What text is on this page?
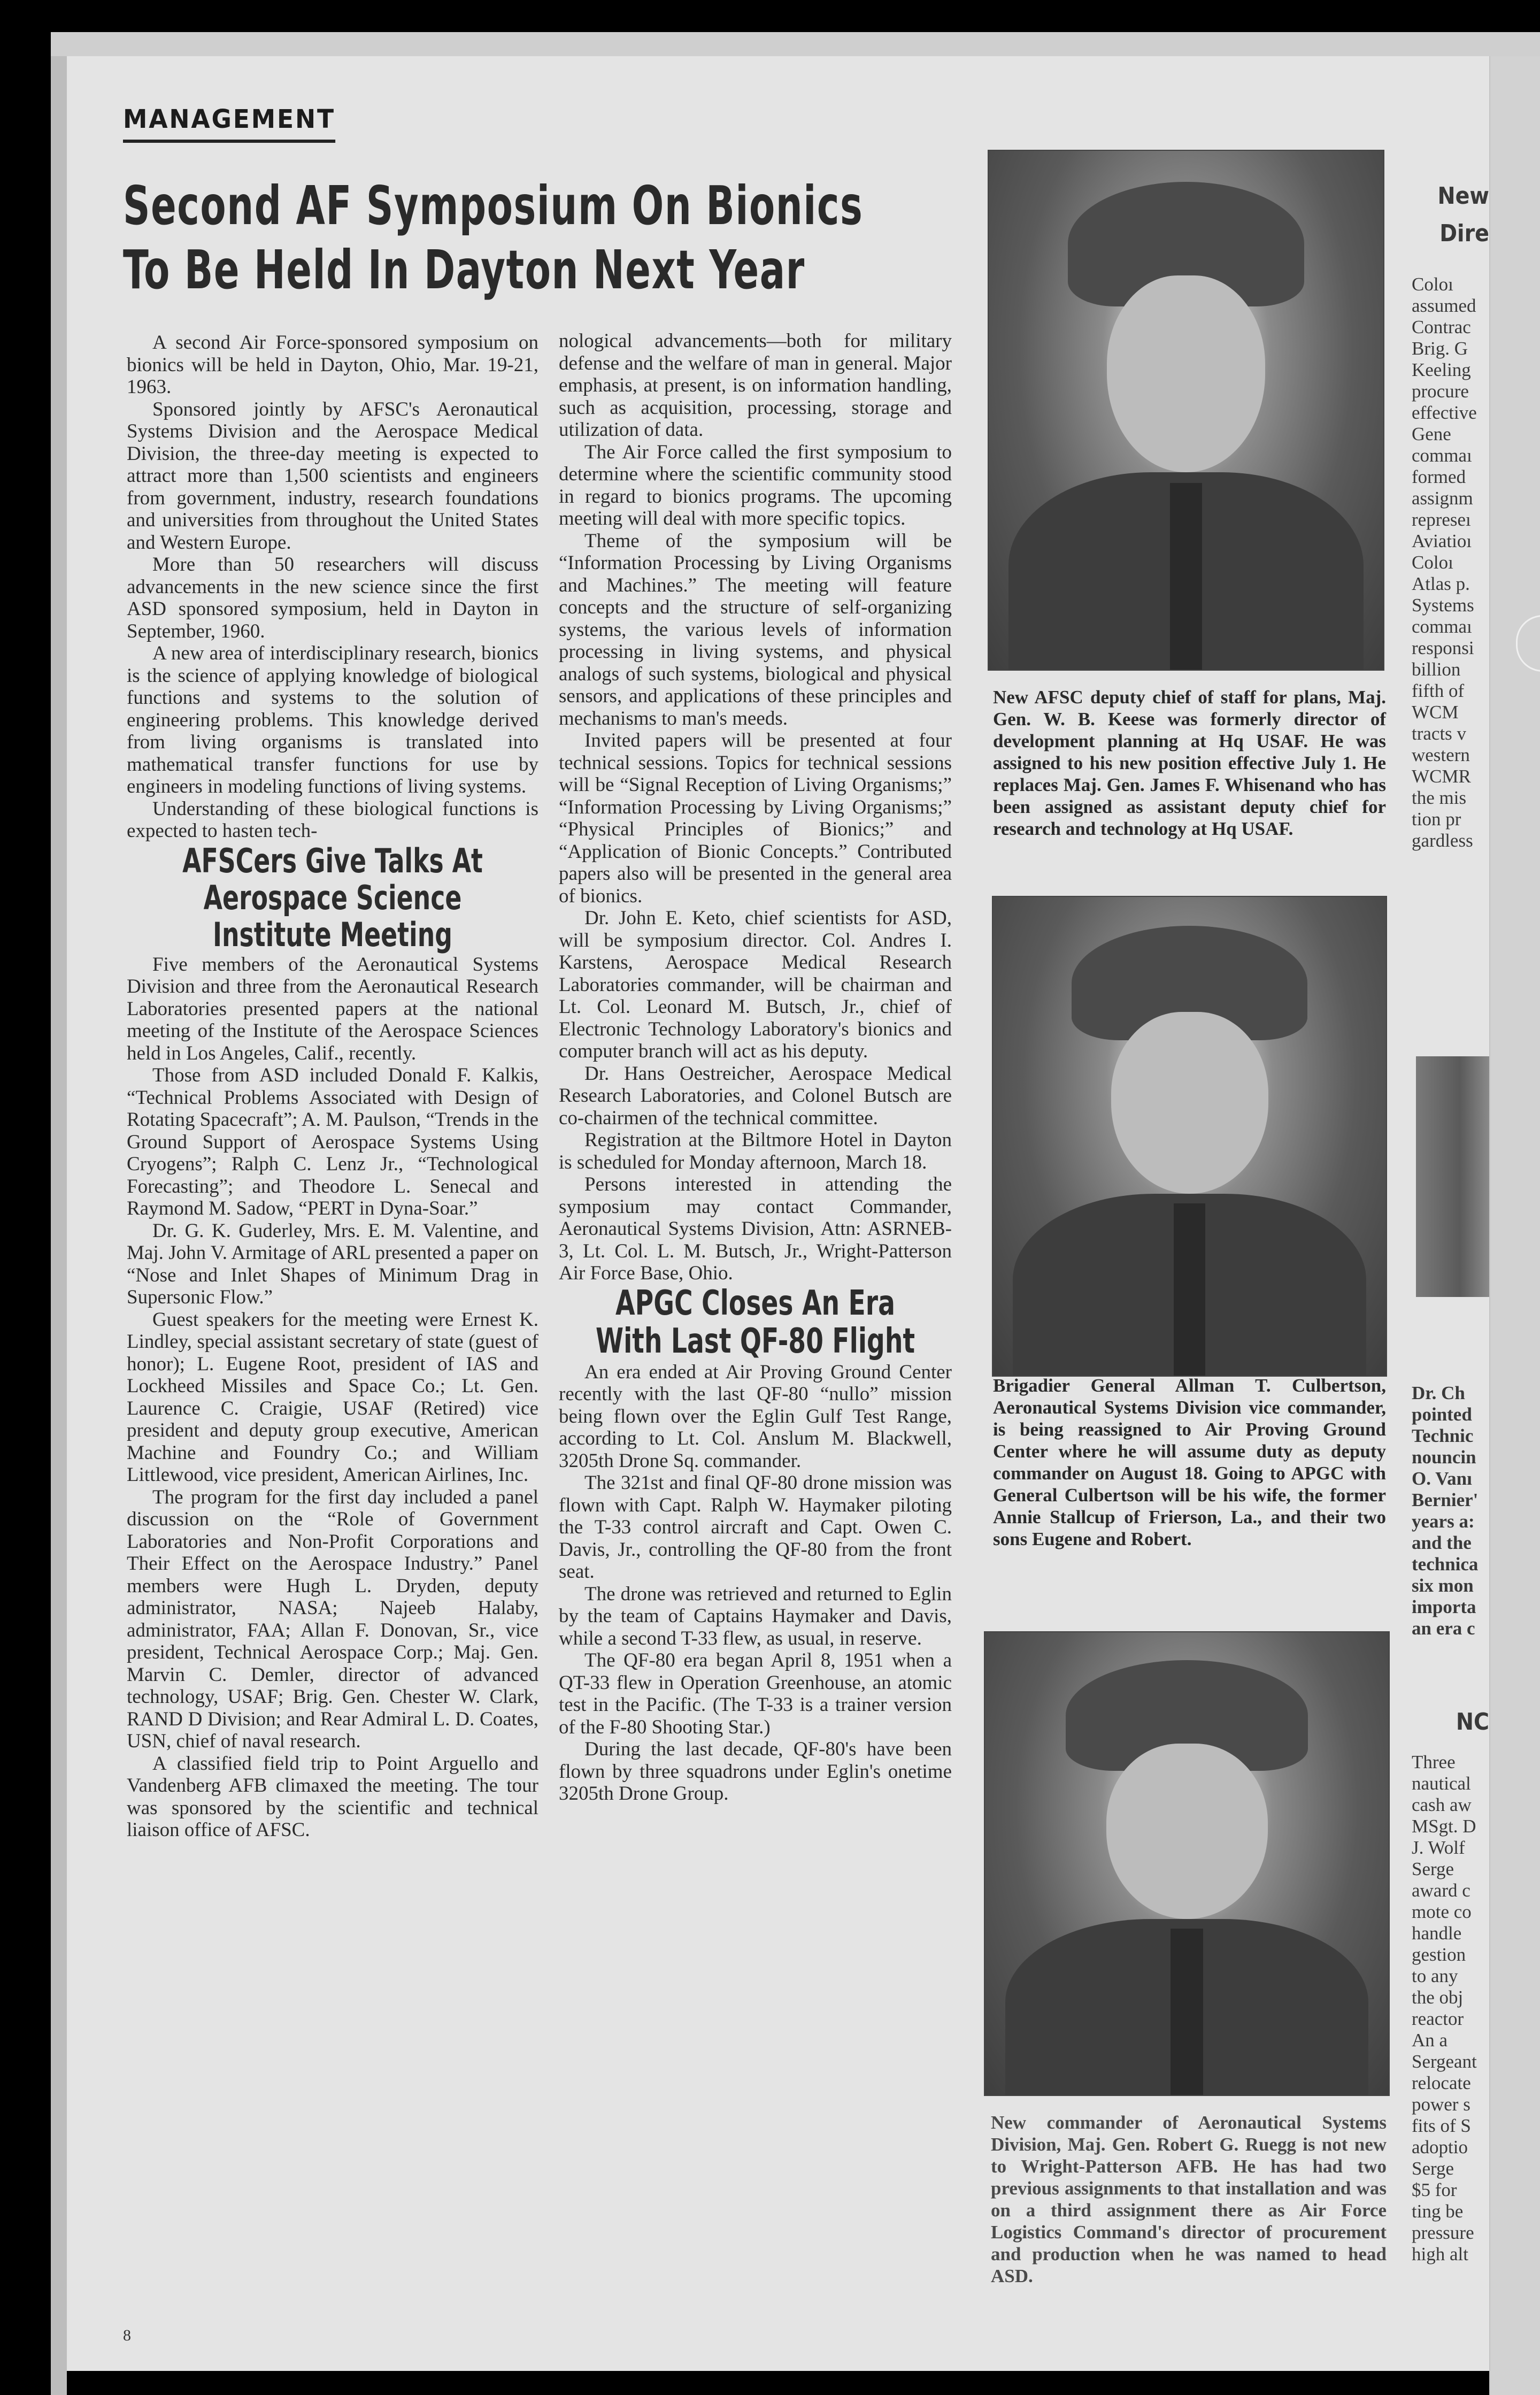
MANAGEMENT
Second AF Symposium On Bionics
To Be Held In Dayton Next Year

A second Air Force-sponsored symposium on bionics will be held in Dayton, Ohio, Mar. 19-21, 1963.

Sponsored jointly by AFSC's Aeronautical Systems Division and the Aerospace Medical Division, the three-day meeting is expected to attract more than 1,500 scientists and engineers from government, industry, research foundations and universities from throughout the United States and Western Europe.

More than 50 researchers will discuss advancements in the new science since the first ASD sponsored symposium, held in Dayton in September, 1960.

A new area of interdisciplinary research, bionics is the science of applying knowledge of biological functions and systems to the solution of engineering problems. This knowledge derived from living organisms is translated into mathematical transfer functions for use by engineers in modeling functions of living systems.

Understanding of these biological functions is expected to hasten tech-

AFSCers Give Talks At Aerospace Science Institute Meeting

Five members of the Aeronautical Systems Division and three from the Aeronautical Research Laboratories presented papers at the national meeting of the Institute of the Aerospace Sciences held in Los Angeles, Calif., recently.

Those from ASD included Donald F. Kalkis, “Technical Problems Associated with Design of Rotating Spacecraft”; A. M. Paulson, “Trends in the Ground Support of Aerospace Systems Using Cryogens”; Ralph C. Lenz Jr., “Technological Forecasting”; and Theodore L. Senecal and Raymond M. Sadow, “PERT in Dyna-Soar.”

Dr. G. K. Guderley, Mrs. E. M. Valentine, and Maj. John V. Armitage of ARL presented a paper on “Nose and Inlet Shapes of Minimum Drag in Supersonic Flow.”

Guest speakers for the meeting were Ernest K. Lindley, special assistant secretary of state (guest of honor); L. Eugene Root, president of IAS and Lockheed Missiles and Space Co.; Lt. Gen. Laurence C. Craigie, USAF (Retired) vice president and deputy group executive, American Machine and Foundry Co.; and William Littlewood, vice president, American Airlines, Inc.

The program for the first day included a panel discussion on the “Role of Government Laboratories and Non-Profit Corporations and Their Effect on the Aerospace Industry.” Panel members were Hugh L. Dryden, deputy administrator, NASA; Najeeb Halaby, administrator, FAA; Allan F. Donovan, Sr., vice president, Technical Aerospace Corp.; Maj. Gen. Marvin C. Demler, director of advanced technology, USAF; Brig. Gen. Chester W. Clark, RAND D Division; and Rear Admiral L. D. Coates, USN, chief of naval research.

A classified field trip to Point Arguello and Vandenberg AFB climaxed the meeting. The tour was sponsored by the scientific and technical liaison office of AFSC.

nological advancements—both for military defense and the welfare of man in general. Major emphasis, at present, is on information handling, such as acquisition, processing, storage and utilization of data.

The Air Force called the first symposium to determine where the scientific community stood in regard to bionics programs. The upcoming meeting will deal with more specific topics.

Theme of the symposium will be “Information Processing by Living Organisms and Machines.” The meeting will feature concepts and the structure of self-organizing systems, the various levels of information processing in living systems, and physical analogs of such systems, biological and physical sensors, and applications of these principles and mechanisms to man's meeds.

Invited papers will be presented at four technical sessions. Topics for technical sessions will be “Signal Reception of Living Organisms;” “Information Processing by Living Organisms;” “Physical Principles of Bionics;” and “Application of Bionic Concepts.” Contributed papers also will be presented in the general area of bionics.

Dr. John E. Keto, chief scientists for ASD, will be symposium director. Col. Andres I. Karstens, Aerospace Medical Research Laboratories commander, will be chairman and Lt. Col. Leonard M. Butsch, Jr., chief of Electronic Technology Laboratory's bionics and computer branch will act as his deputy.

Dr. Hans Oestreicher, Aerospace Medical Research Laboratories, and Colonel Butsch are co-chairmen of the technical committee.

Registration at the Biltmore Hotel in Dayton is scheduled for Monday afternoon, March 18.

Persons interested in attending the symposium may contact Commander, Aeronautical Systems Division, Attn: ASRNEB-3, Lt. Col. L. M. Butsch, Jr., Wright-Patterson Air Force Base, Ohio.

APGC Closes An Era With Last QF-80 Flight

An era ended at Air Proving Ground Center recently with the last QF-80 “nullo” mission being flown over the Eglin Gulf Test Range, according to Lt. Col. Anslum M. Blackwell, 3205th Drone Sq. commander.

The 321st and final QF-80 drone mission was flown with Capt. Ralph W. Haymaker piloting the T-33 control aircraft and Capt. Owen C. Davis, Jr., controlling the QF-80 from the front seat.

The drone was retrieved and returned to Eglin by the team of Captains Haymaker and Davis, while a second T-33 flew, as usual, in reserve.

The QF-80 era began April 8, 1951 when a QT-33 flew in Operation Greenhouse, an atomic test in the Pacific. (The T-33 is a trainer version of the F-80 Shooting Star.)

During the last decade, QF-80's have been flown by three squadrons under Eglin's onetime 3205th Drone Group.

New AFSC deputy chief of staff for plans, Maj. Gen. W. B. Keese was formerly director of development planning at Hq USAF. He was assigned to his new position effective July 1. He replaces Maj. Gen. James F. Whisenand who has been assigned as assistant deputy chief for research and technology at Hq USAF.
Brigadier General Allman T. Culbertson, Aeronautical Systems Division vice commander, is being reassigned to Air Proving Ground Center where he will assume duty as deputy commander on August 18. Going to APGC with General Culbertson will be his wife, the former Annie Stallcup of Frierson, La., and their two sons Eugene and Robert.
New commander of Aeronautical Systems Division, Maj. Gen. Robert G. Ruegg is not new to Wright-Patterson AFB. He has had two previous assignments to that installation and was on a third assignment there as Air Force Logistics Command's director of procurement and production when he was named to head ASD.
New
Dire
Coloı
assumed
Contrac
Brig. G
Keeling
procure
effective
Gene
commaı
formed
assignm
represeı
Aviatioı
Coloı
Atlas p.
Systems
commaı
responsi
billion
fifth of
WCM
tracts v
western
WCMR
the mis
tion pr
gardless
Dr. Ch
pointed
Technic
nouncin
O. Vanı
Bernier'
years a:
and the
technica
six mon
importa
an era c
NC
Three
nautical
cash aw
MSgt. D
J. Wolf
Serge
award c
mote co
handle
gestion
to any
the obj
reactor
An a
Sergeant
relocate
power s
fits of S
adoptio
Serge
$5 for
ting be
pressure
high alt
8
